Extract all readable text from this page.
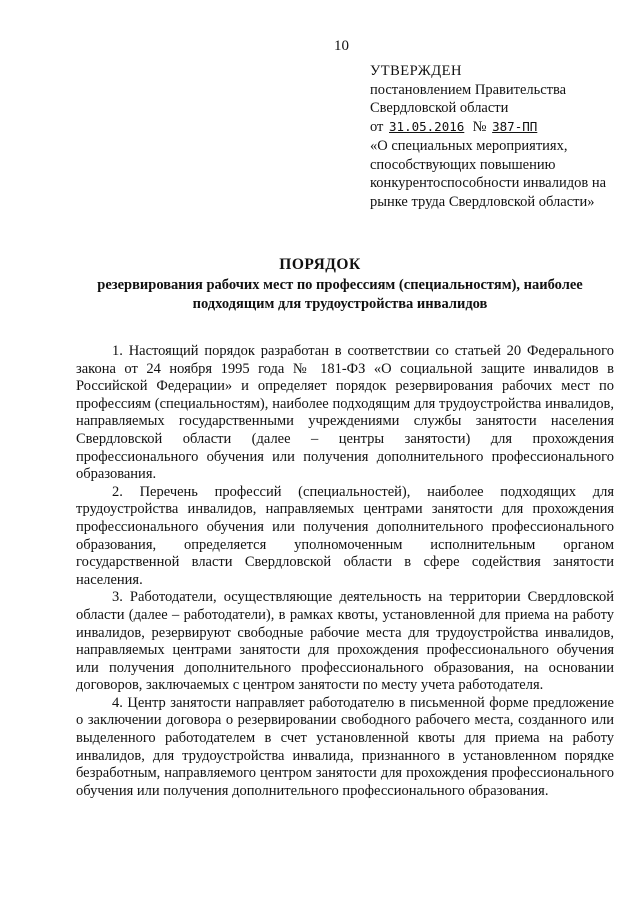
10
УТВЕРЖДЕН
постановлением Правительства
Свердловской области
от 31.05.2016 № 387-ПП
«О специальных мероприятиях, способствующих повышению конкурентоспособности инвалидов на рынке труда Свердловской области»
ПОРЯДОК
резервирования рабочих мест по профессиям (специальностям), наиболее подходящим для трудоустройства инвалидов

1. Настоящий порядок разработан в соответствии со статьей 20 Федерального закона от 24 ноября 1995 года № 181-ФЗ «О социальной защите инвалидов в Российской Федерации» и определяет порядок резервирования рабочих мест по профессиям (специальностям), наиболее подходящим для трудоустройства инвалидов, направляемых государственными учреждениями службы занятости населения Свердловской области (далее – центры занятости) для прохождения профессионального обучения или получения дополнительного профессионального образования.

2. Перечень профессий (специальностей), наиболее подходящих для трудоустройства инвалидов, направляемых центрами занятости для прохождения профессионального обучения или получения дополнительного профессионального образования, определяется уполномоченным исполнительным органом государственной власти Свердловской области в сфере содействия занятости населения.

3. Работодатели, осуществляющие деятельность на территории Свердловской области (далее – работодатели), в рамках квоты, установленной для приема на работу инвалидов, резервируют свободные рабочие места для трудоустройства инвалидов, направляемых центрами занятости для прохождения профессионального обучения или получения дополнительного профессионального образования, на основании договоров, заключаемых с центром занятости по месту учета работодателя.

4. Центр занятости направляет работодателю в письменной форме предложение о заключении договора о резервировании свободного рабочего места, созданного или выделенного работодателем в счет установленной квоты для приема на работу инвалидов, для трудоустройства инвалида, признанного в установленном порядке безработным, направляемого центром занятости для прохождения профессионального обучения или получения дополнительного профессионального образования.
